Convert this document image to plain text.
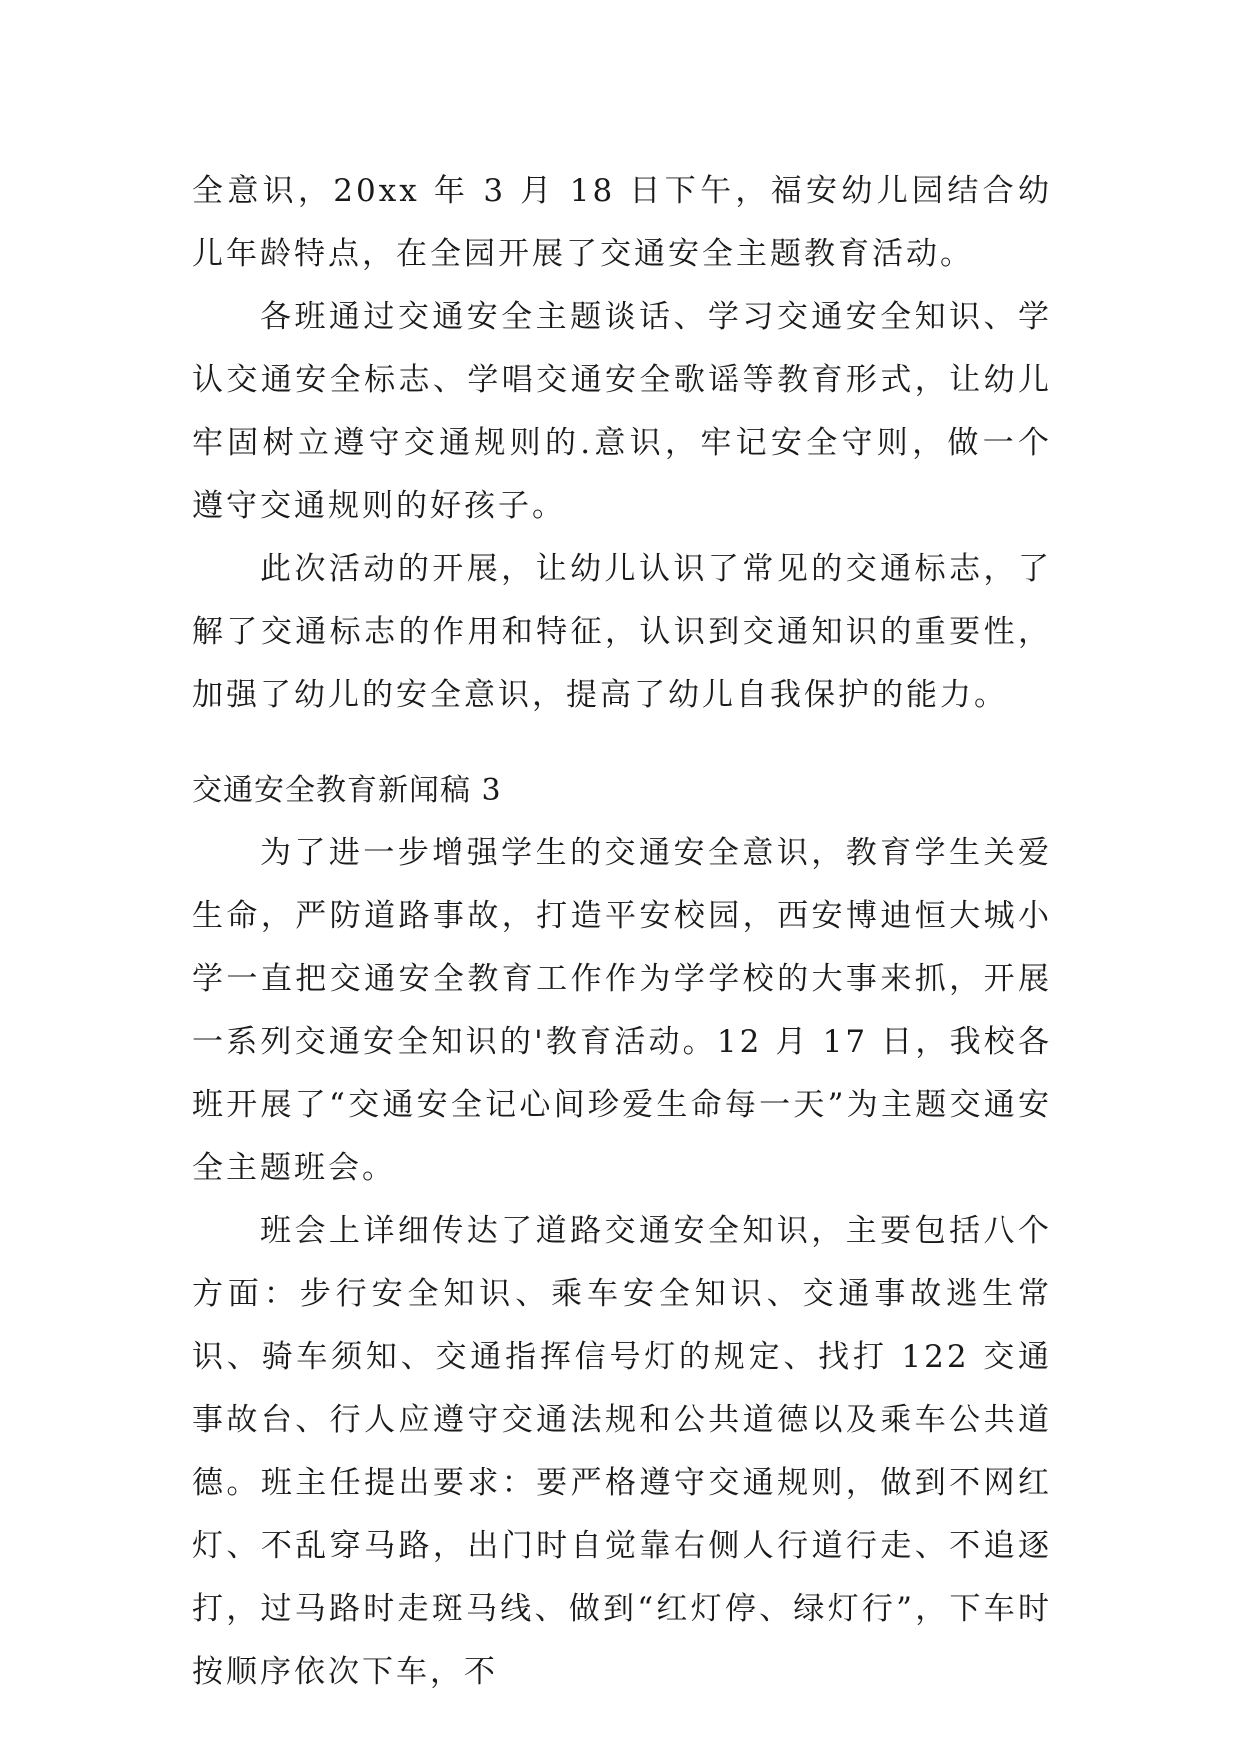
全意识，20xx 年 3 月 18 日下午，福安幼儿园结合幼儿年龄特点，在全园开展了交通安全主题教育活动。

各班通过交通安全主题谈话、学习交通安全知识、学认交通安全标志、学唱交通安全歌谣等教育形式，让幼儿牢固树立遵守交通规则的.意识，牢记安全守则，做一个遵守交通规则的好孩子。

此次活动的开展，让幼儿认识了常见的交通标志，了解了交通标志的作用和特征，认识到交通知识的重要性，加强了幼儿的安全意识，提高了幼儿自我保护的能力。

交通安全教育新闻稿 3

为了进一步增强学生的交通安全意识，教育学生关爱生命，严防道路事故，打造平安校园，西安博迪恒大城小学一直把交通安全教育工作作为学学校的大事来抓，开展一系列交通安全知识的'教育活动。12 月 17 日，我校各班开展了“交通安全记心间珍爱生命每一天”为主题交通安全主题班会。

班会上详细传达了道路交通安全知识，主要包括八个方面：步行安全知识、乘车安全知识、交通事故逃生常识、骑车须知、交通指挥信号灯的规定、找打 122 交通事故台、行人应遵守交通法规和公共道德以及乘车公共道德。班主任提出要求：要严格遵守交通规则，做到不网红灯、不乱穿马路，出门时自觉靠右侧人行道行走、不追逐打，过马路时走斑马线、做到“红灯停、绿灯行”，下车时按顺序依次下车，不
